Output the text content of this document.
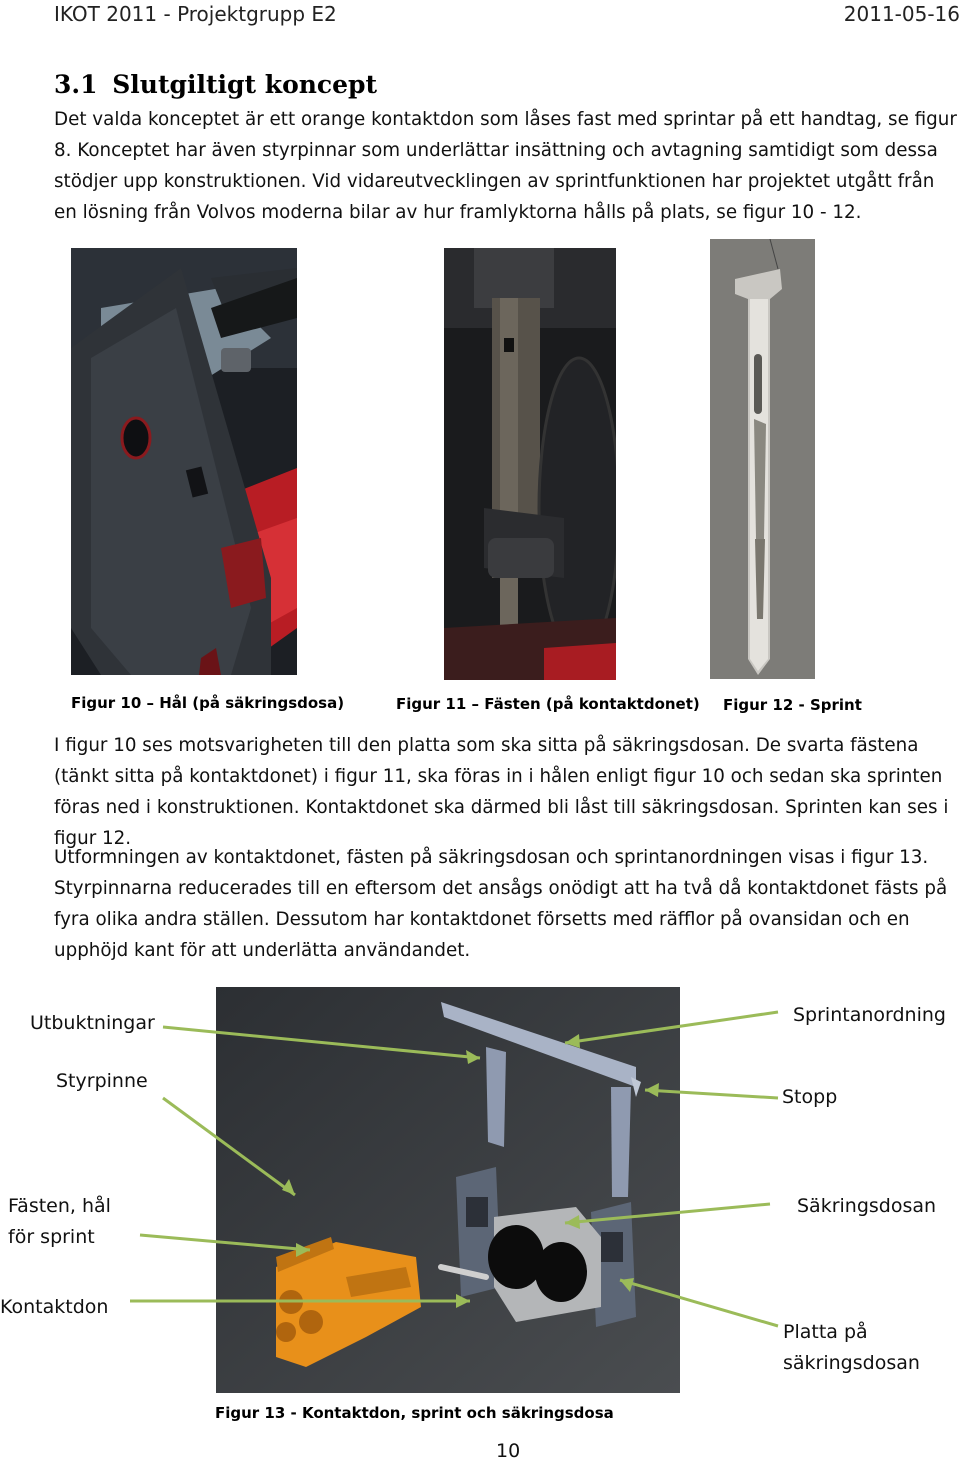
IKOT 2011 - Projektgrupp E2	2011-05-16
3.1 Slutgiltigt koncept
Det valda konceptet är ett orange kontaktdon som låses fast med sprintar på ett handtag, se figur 8. Konceptet har även styrpinnar som underlättar insättning och avtagning samtidigt som dessa stödjer upp konstruktionen. Vid vidareutvecklingen av sprintfunktionen har projektet utgått från en lösning från Volvos moderna bilar av hur framlyktorna hålls på plats, se figur 10 - 12.
Figur 10 – Hål (på säkringsdosa)	Figur 11 – Fästen (på kontaktdonet) Figur 12 - Sprint
I figur 10 ses motsvarigheten till den platta som ska sitta på säkringsdosan. De svarta fästena (tänkt sitta på kontaktdonet) i figur 11, ska föras in i hålen enligt figur 10 och sedan ska sprinten föras ned i konstruktionen. Kontaktdonet ska därmed bli låst till säkringsdosan. Sprinten kan ses i figur 12.
Utformningen av kontaktdonet, fästen på säkringsdosan och sprintanordningen visas i figur 13. Styrpinnarna reducerades till en eftersom det ansågs onödigt att ha två då kontaktdonet fästs på fyra olika andra ställen. Dessutom har kontaktdonet försetts med räfflor på ovansidan och en upphöjd kant för att underlätta användandet.
Utbuktningar
Styrpinne
Fästen, hål
för sprint
Kontaktdon
Sprintanordning
Stopp
Säkringsdosan
Platta på
säkringsdosan
Figur 13 - Kontaktdon, sprint och säkringsdosa
10
